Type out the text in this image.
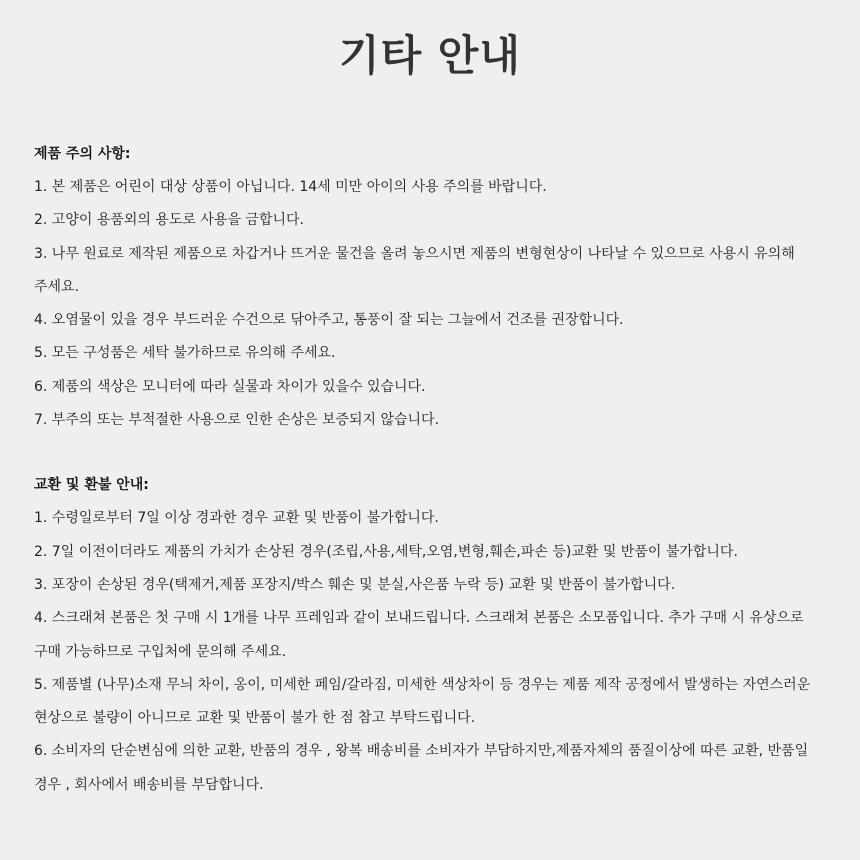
기타 안내

제품 주의 사항:

1. 본 제품은 어린이 대상 상품이 아닙니다. 14세 미만 아이의 사용 주의를 바랍니다.
2. 고양이 용품외의 용도로 사용을 금합니다.
3. 나무 원료로 제작된 제품으로 차갑거나 뜨거운 물건을 올려 놓으시면 제품의 변형현상이 나타날 수 있으므로 사용시 유의해 주세요.
4. 오염물이 있을 경우 부드러운 수건으로 닦아주고, 통풍이 잘 되는 그늘에서 건조를 권장합니다.
5. 모든 구성품은 세탁 불가하므로 유의해 주세요.
6. 제품의 색상은 모니터에 따라 실물과 차이가 있을수 있습니다.
7. 부주의 또는 부적절한 사용으로 인한 손상은 보증되지 않습니다.

교환 및 환불 안내:

1. 수령일로부터 7일 이상 경과한 경우 교환 및 반품이 불가합니다.
2. 7일 이전이더라도 제품의 가치가 손상된 경우(조립,사용,세탁,오염,변형,훼손,파손 등)교환 및 반품이 불가합니다.
3. 포장이 손상된 경우(택제거,제품 포장지/박스 훼손 및 분실,사은품 누락 등) 교환 및 반품이 불가합니다.
4. 스크래쳐 본품은 첫 구매 시 1개를 나무 프레임과 같이 보내드립니다. 스크래쳐 본품은 소모품입니다. 추가 구매 시 유상으로 구매 가능하므로 구입처에 문의해 주세요.
5. 제품별 (나무)소재 무늬 차이, 옹이, 미세한 페임/갈라짐, 미세한 색상차이 등 경우는 제품 제작 공정에서 발생하는 자연스러운 현상으로 불량이 아니므로 교환 및 반품이 불가 한 점 참고 부탁드립니다.
6. 소비자의 단순변심에 의한 교환, 반품의 경우 , 왕복 배송비를 소비자가 부담하지만,제품자체의 품질이상에 따른 교환, 반품일 경우 , 회사에서 배송비를 부담합니다.
